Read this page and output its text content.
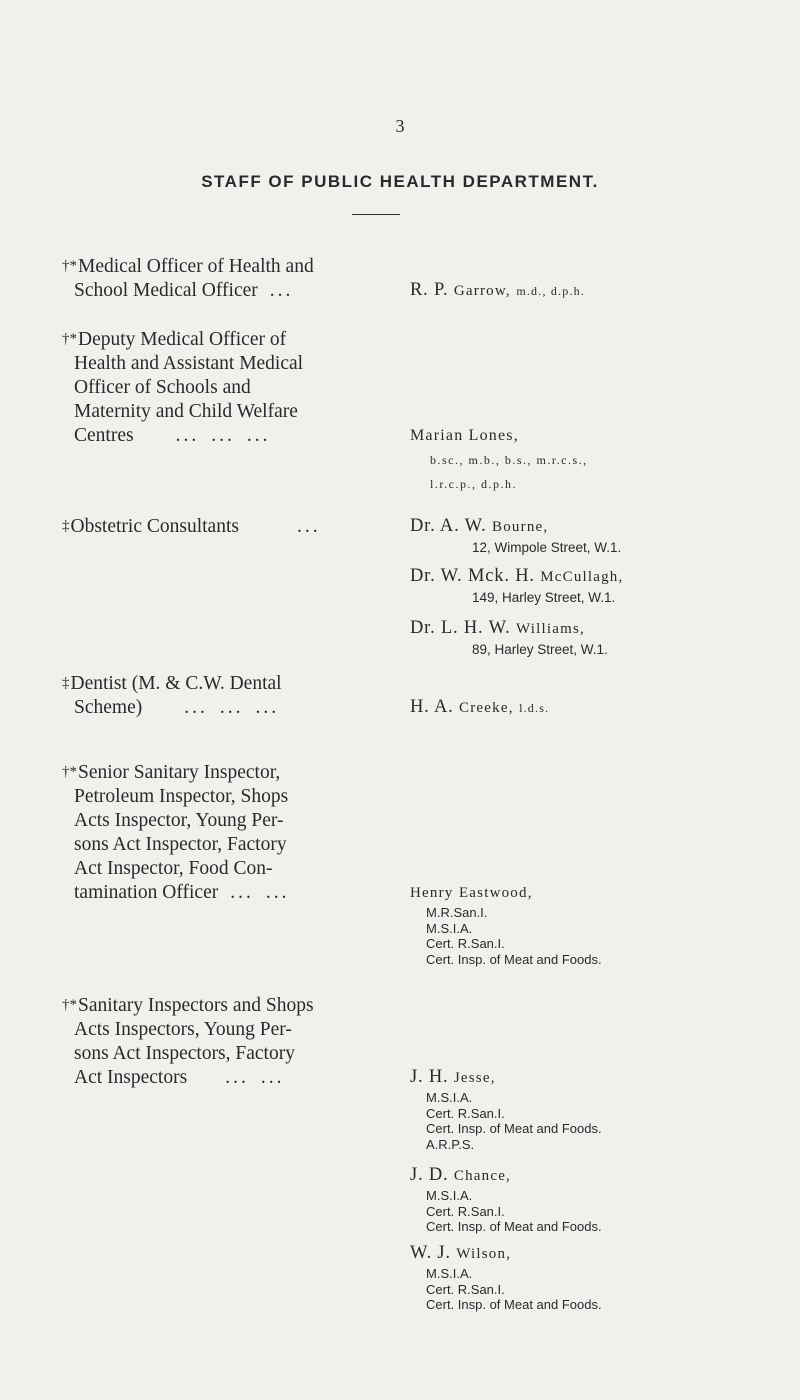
3
STAFF OF PUBLIC HEALTH DEPARTMENT.
†*Medical Officer of Health and
School Medical Officer ...	R. P. Garrow, m.d., d.p.h.
†*Deputy Medical Officer of
Health and Assistant Medical
Officer of Schools and
Maternity and Child Welfare
Centres ... ... ...	Marian Lones,
b.sc., m.b., b.s., m.r.c.s.,
l.r.c.p., d.p.h.
‡Obstetric Consultants	...	Dr. A. W. Bourne,
12, Wimpole Street, W.1.
Dr. W. Mck. H. McCullagh,
149, Harley Street, W.1.
Dr. L. H. W. Williams,
89, Harley Street, W.1.
‡Dentist (M. & C.W. Dental
Scheme) ... ... ...	H. A. Creeke, l.d.s.
†*Senior Sanitary Inspector,
Petroleum Inspector, Shops
Acts Inspector, Young Per-
sons Act Inspector, Factory
Act Inspector, Food Con-
tamination Officer ... ...	Henry Eastwood,
M.R.San.I.
M.S.I.A.
Cert. R.San.I.
Cert. Insp. of Meat and Foods.
†*Sanitary Inspectors and Shops
Acts Inspectors, Young Per-
sons Act Inspectors, Factory
Act Inspectors ... ...	J. H. Jesse,
M.S.I.A.
Cert. R.San.I.
Cert. Insp. of Meat and Foods.
A.R.P.S.
J. D. Chance,
M.S.I.A.
Cert. R.San.I.
Cert. Insp. of Meat and Foods.
W. J. Wilson,
M.S.I.A.
Cert. R.San.I.
Cert. Insp. of Meat and Foods.
